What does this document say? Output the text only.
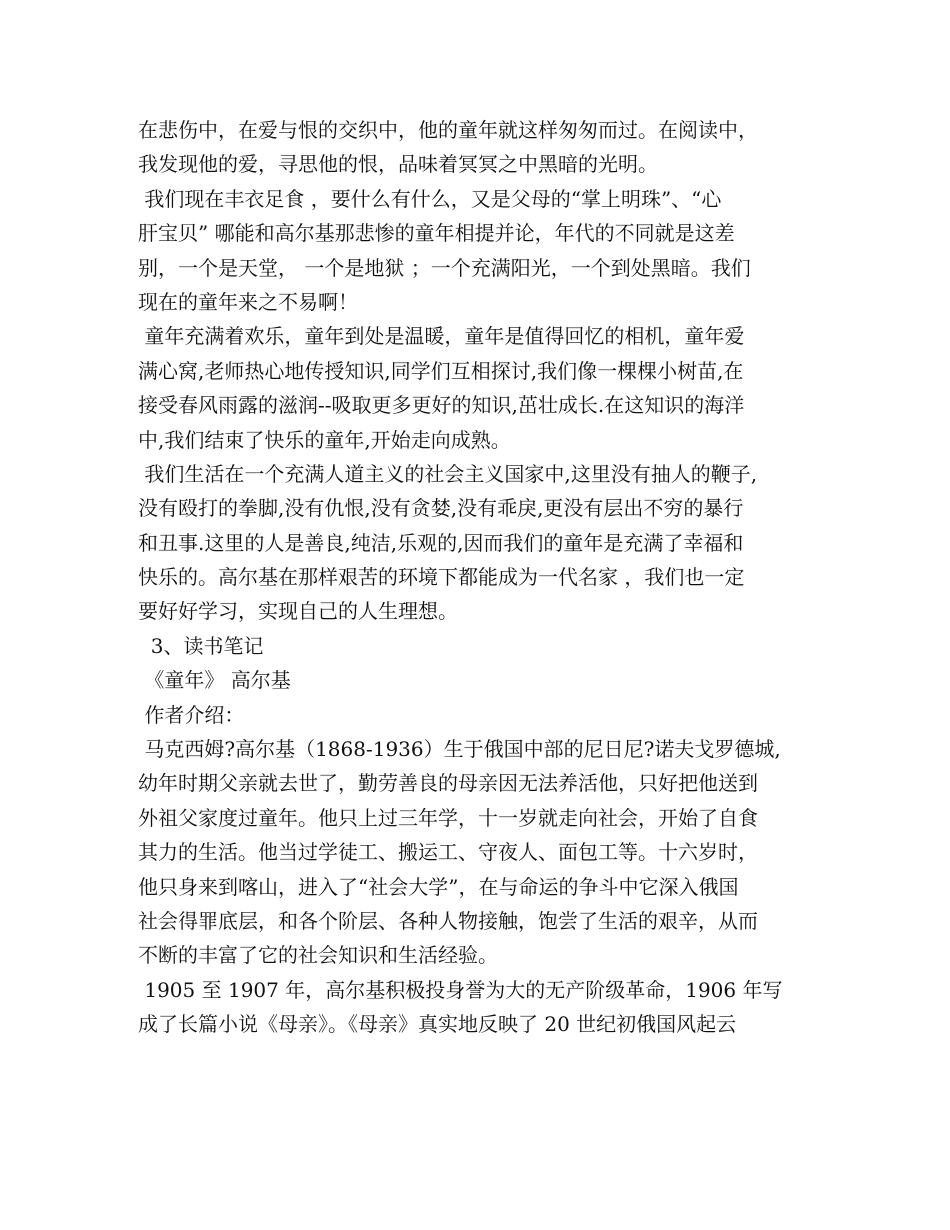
在悲伤中，在爱与恨的交织中，他的童年就这样匆匆而过。在阅读中，
我发现他的爱，寻思他的恨，品味着冥冥之中黑暗的光明。
我们现在丰衣足食 ，要什么有什么，又是父母的“掌上明珠”、“心
肝宝贝” 哪能和高尔基那悲惨的童年相提并论，年代的不同就是这差
别，一个是天堂， 一个是地狱 ；一个充满阳光，一个到处黑暗。我们
现在的童年来之不易啊！
童年充满着欢乐，童年到处是温暖，童年是值得回忆的相机，童年爱
满心窝,老师热心地传授知识,同学们互相探讨,我们像一棵棵小树苗,在
接受春风雨露的滋润--吸取更多更好的知识,茁壮成长.在这知识的海洋
中,我们结束了快乐的童年,开始走向成熟。
我们生活在一个充满人道主义的社会主义国家中,这里没有抽人的鞭子,
没有殴打的拳脚,没有仇恨,没有贪婪,没有乖戾,更没有层出不穷的暴行
和丑事.这里的人是善良,纯洁,乐观的,因而我们的童年是充满了幸福和
快乐的。高尔基在那样艰苦的环境下都能成为一代名家 ，我们也一定
要好好学习，实现自己的人生理想。
3、读书笔记
《童年》 高尔基
作者介绍：
马克西姆?高尔基（1868-1936）生于俄国中部的尼日尼?诺夫戈罗德城,
幼年时期父亲就去世了，勤劳善良的母亲因无法养活他，只好把他送到
外祖父家度过童年。他只上过三年学，十一岁就走向社会，开始了自食
其力的生活。他当过学徒工、搬运工、守夜人、面包工等。十六岁时，
他只身来到喀山，进入了“社会大学”，在与命运的争斗中它深入俄国
社会得罪底层，和各个阶层、各种人物接触，饱尝了生活的艰辛，从而
不断的丰富了它的社会知识和生活经验。
1905 至 1907 年，高尔基积极投身誉为大的无产阶级革命，1906 年写
成了长篇小说《母亲》。《母亲》真实地反映了 20 世纪初俄国风起云
